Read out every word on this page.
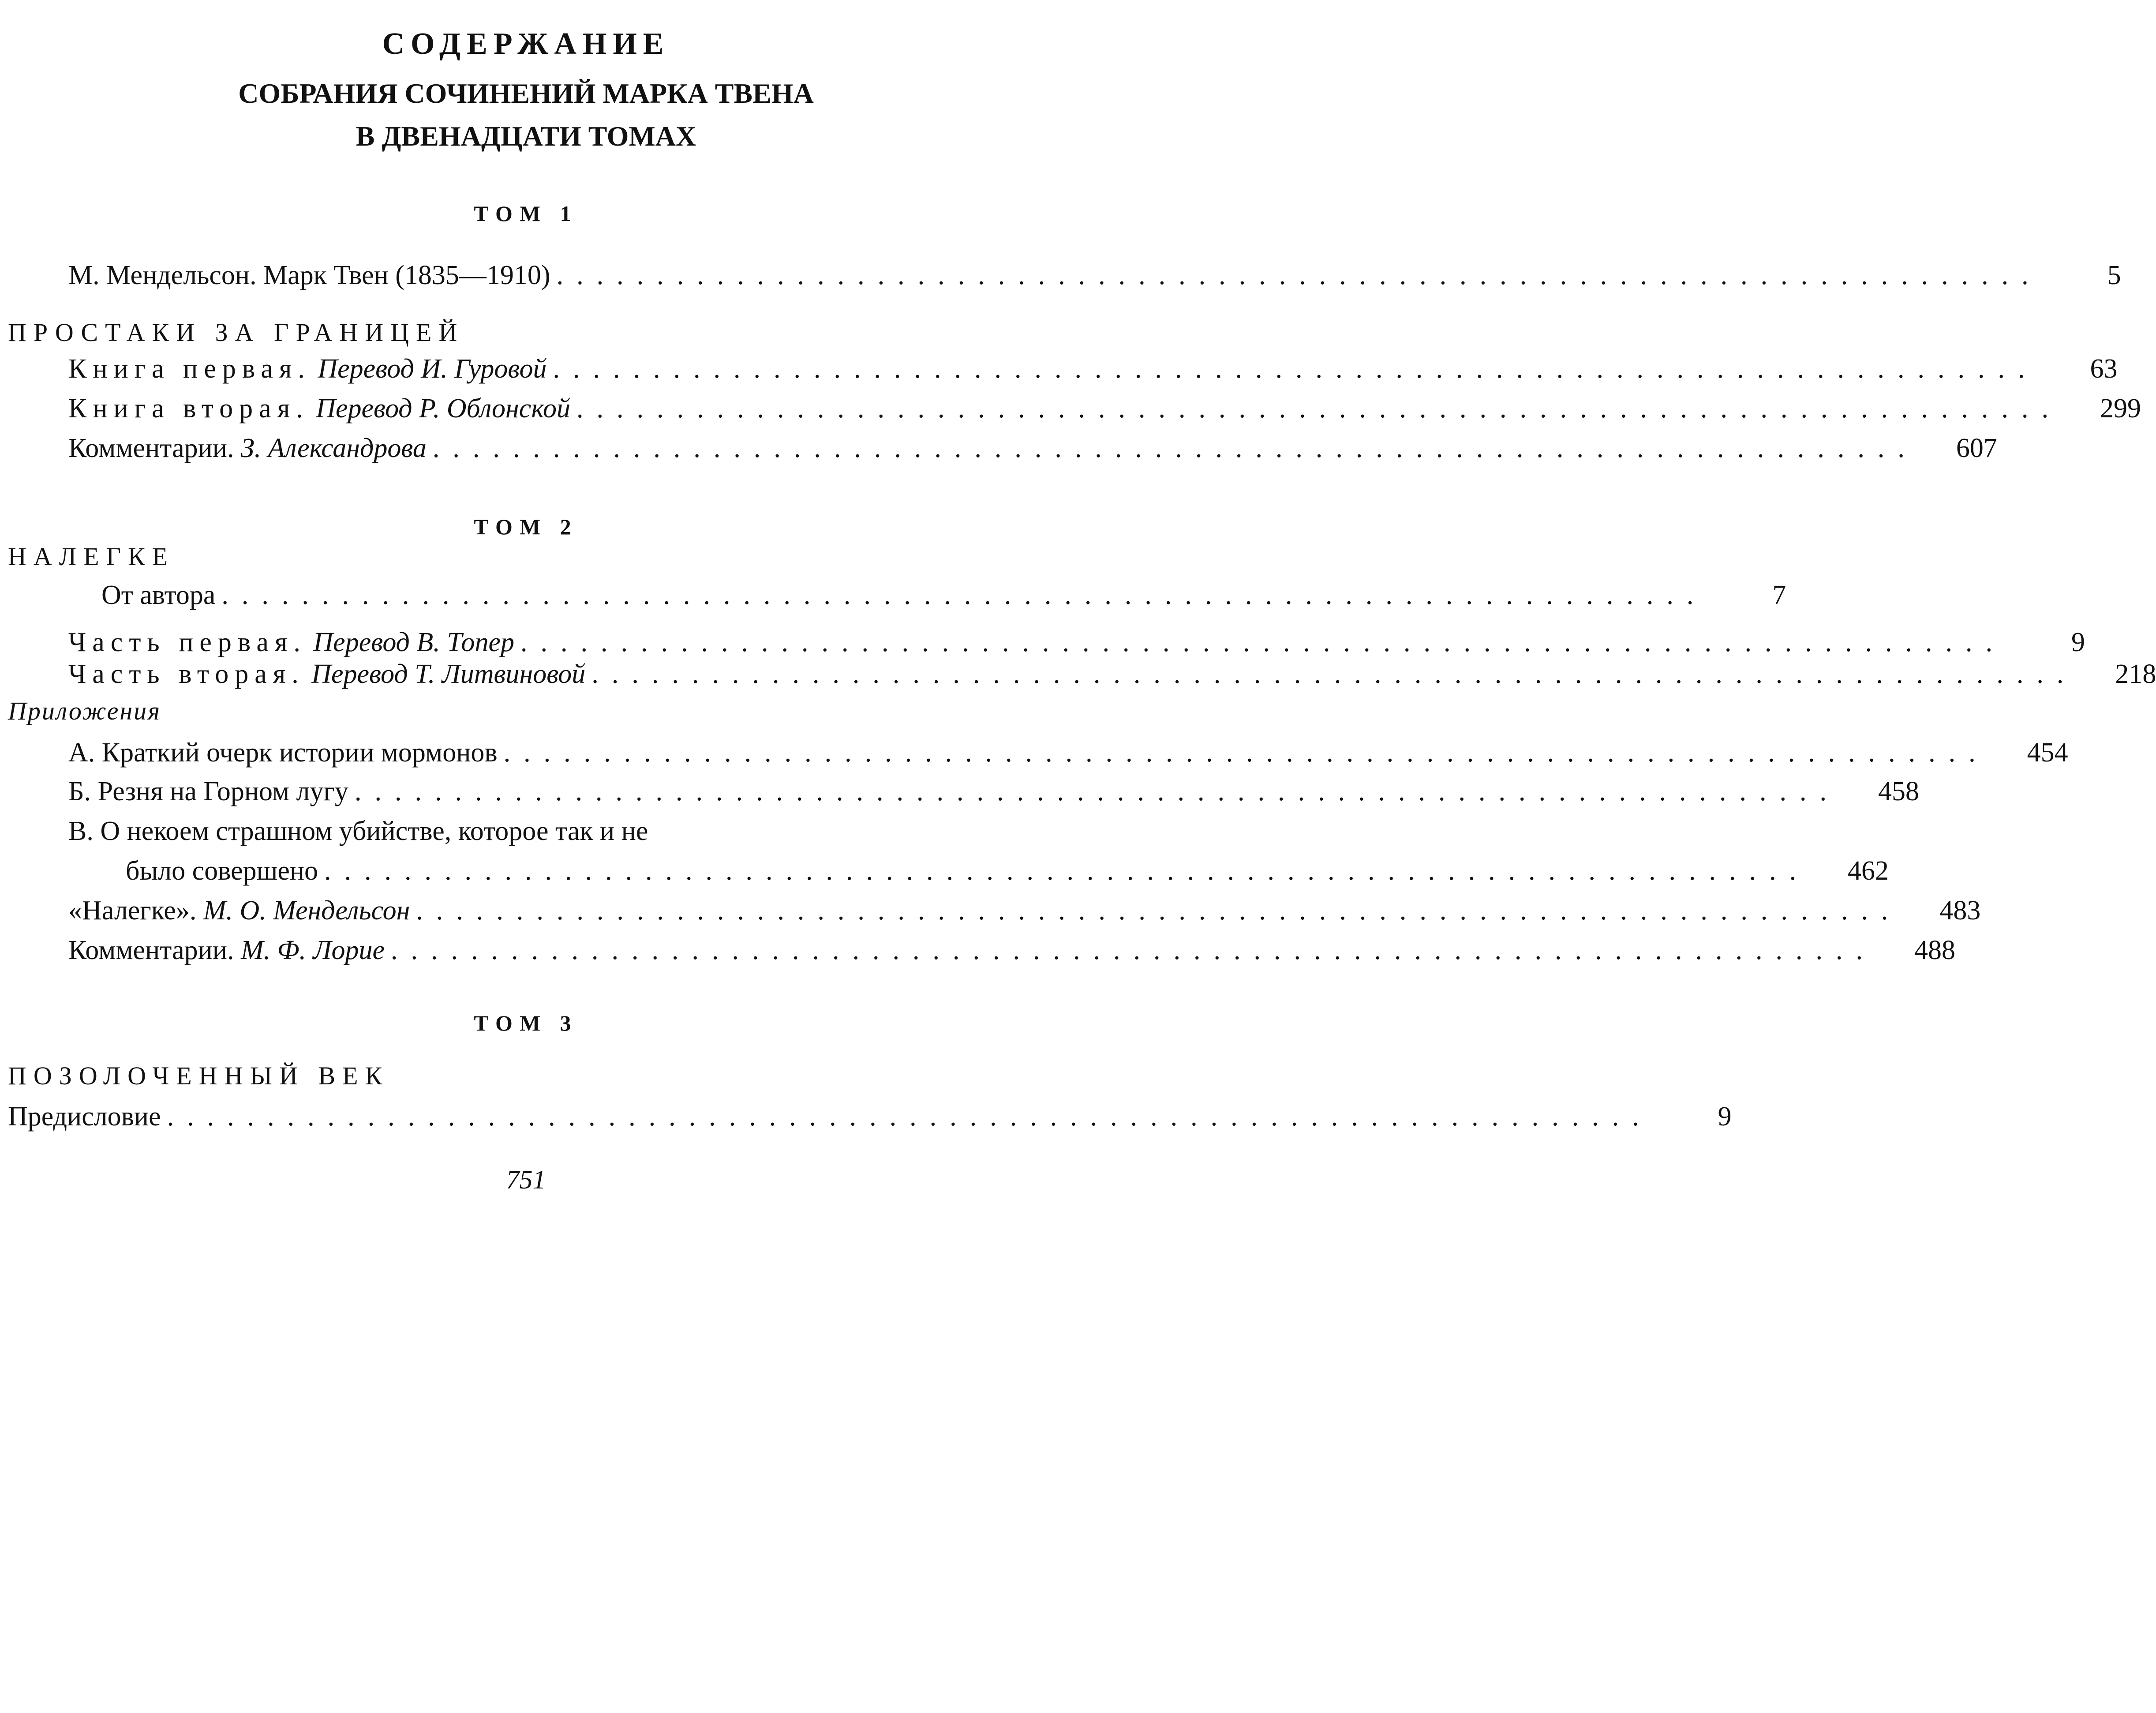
СОДЕРЖАНИЕ
СОБРАНИЯ СОЧИНЕНИЙ МАРКА ТВЕНА
В ДВЕНАДЦАТИ ТОМАХ
ТОМ 1
М. Мендельсон. Марк Твен (1835—1910) ..........................................................................	5
ПРОСТАКИ ЗА ГРАНИЦЕЙ
Книга первая. Перевод И. Гуровой ..........................................................................	63
Книга вторая. Перевод Р. Облонской ..........................................................................	299
Комментарии. З. Александрова ..........................................................................	607
ТОМ 2
НАЛЕГКЕ
От автора ..........................................................................	7
Часть первая. Перевод В. Топер ..........................................................................	9
Часть вторая. Перевод Т. Литвиновой ..........................................................................	218
Приложения
А. Краткий очерк истории мормонов ..........................................................................	454
Б. Резня на Горном лугу ..........................................................................	458
В. О некоем страшном убийстве, которое так и не
было совершено ..........................................................................	462
«Налегке». М. О. Мендельсон ..........................................................................	483
Комментарии. М. Ф. Лорие ..........................................................................	488
ТОМ 3
ПОЗОЛОЧЕННЫЙ ВЕК
Предисловие ..........................................................................	9
751
